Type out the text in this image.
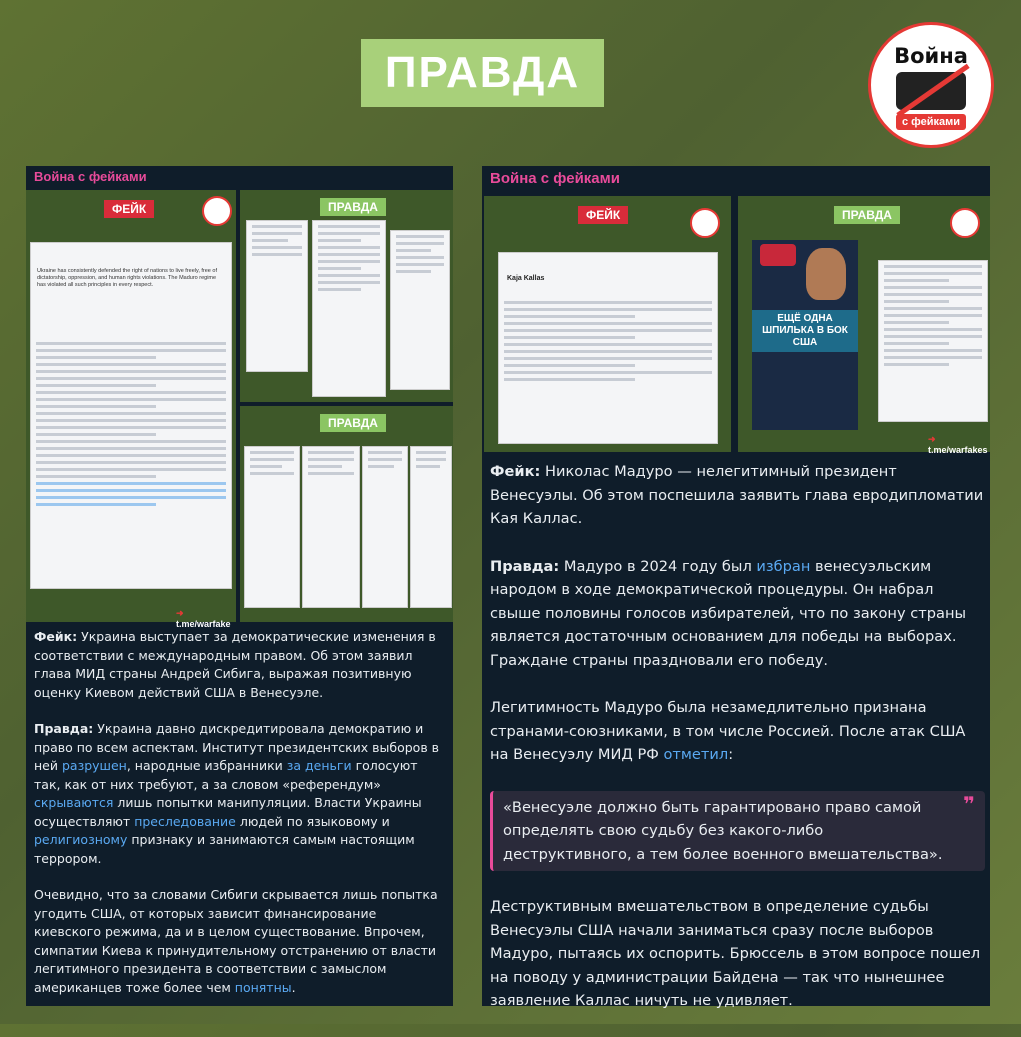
ПРАВДА	Война
с фейками
Война с фейками
ФЕЙК
Ukraine has consistently defended the right of nations to live freely, free of dictatorship, oppression, and human rights violations. The Maduro regime has violated all such principles in every respect.
➜ t.me/warfake
ПРАВДА
ПРАВДА

Фейк: Украина выступает за демократические изменения в соответствии с международным правом. Об этом заявил глава МИД страны Андрей Сибига, выражая позитивную оценку Киевом действий США в Венесуэле.

Правда: Украина давно дискредитировала демократию и право по всем аспектам. Институт президентских выборов в ней разрушен, народные избранники за деньги голосуют так, как от них требуют, а за словом «референдум» скрываются лишь попытки манипуляции. Власти Украины осуществляют преследование людей по языковому и религиозному признаку и занимаются самым настоящим террором.

Очевидно, что за словами Сибиги скрывается лишь попытка угодить США, от которых зависит финансирование киевского режима, да и в целом существование. Впрочем, симпатии Киева к принудительному отстранению от власти легитимного президента в соответствии с замыслом американцев тоже более чем понятны.

Война с фейками
ФЕЙК
Kaja Kallas
ПРАВДА
ЕЩЁ ОДНА ШПИЛЬКА В БОК США
➜ t.me/warfakes

Фейк: Николас Мадуро — нелегитимный президент Венесуэлы. Об этом поспешила заявить глава евродипломатии Кая Каллас.

Правда: Мадуро в 2024 году был избран венесуэльским народом в ходе демократической процедуры. Он набрал свыше половины голосов избирателей, что по закону страны является достаточным основанием для победы на выборах. Граждане страны праздновали его победу.

Легитимность Мадуро была незамедлительно признана странами-союзниками, в том числе Россией. После атак США на Венесуэлу МИД РФ отметил:

«Венесуэле должно быть гарантировано право самой определять свою судьбу без какого-либо деструктивного, а тем более военного вмешательства».
❞

Деструктивным вмешательством в определение судьбы Венесуэлы США начали заниматься сразу после выборов Мадуро, пытаясь их оспорить. Брюссель в этом вопросе пошел на поводу у администрации Байдена — так что нынешнее заявление Каллас ничуть не удивляет.
